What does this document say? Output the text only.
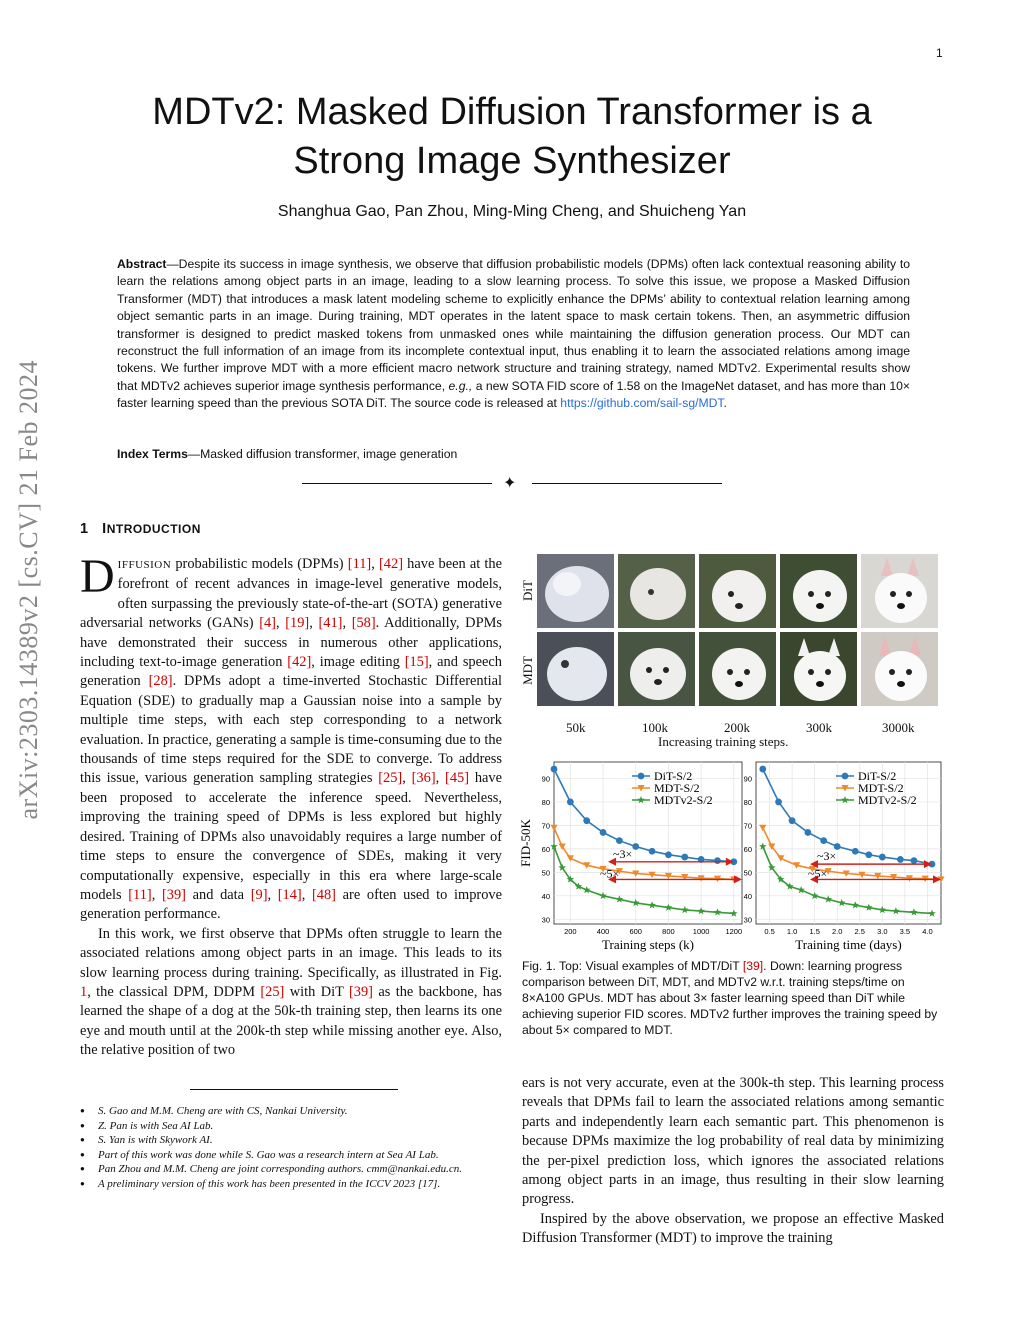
1
MDTv2: Masked Diffusion Transformer is a
Strong Image Synthesizer
Shanghua Gao, Pan Zhou, Ming-Ming Cheng, and Shuicheng Yan
Abstract—Despite its success in image synthesis, we observe that diffusion probabilistic models (DPMs) often lack contextual reasoning ability to learn the relations among object parts in an image, leading to a slow learning process. To solve this issue, we propose a Masked Diffusion Transformer (MDT) that introduces a mask latent modeling scheme to explicitly enhance the DPMs’ ability to contextual relation learning among object semantic parts in an image. During training, MDT operates in the latent space to mask certain tokens. Then, an asymmetric diffusion transformer is designed to predict masked tokens from unmasked ones while maintaining the diffusion generation process. Our MDT can reconstruct the full information of an image from its incomplete contextual input, thus enabling it to learn the associated relations among image tokens. We further improve MDT with a more efficient macro network structure and training strategy, named MDTv2. Experimental results show that MDTv2 achieves superior image synthesis performance, e.g., a new SOTA FID score of 1.58 on the ImageNet dataset, and has more than 10× faster learning speed than the previous SOTA DiT. The source code is released at https://github.com/sail-sg/MDT.
Index Terms—Masked diffusion transformer, image generation
✦
arXiv:2303.14389v2 [cs.CV] 21 Feb 2024	1 INTRODUCTION

DIFFUSION probabilistic models (DPMs) [11], [42] have been at the forefront of recent advances in image-level generative models, often surpassing the previously state-of-the-art (SOTA) generative adversarial networks (GANs) [4], [19], [41], [58]. Additionally, DPMs have demonstrated their success in numerous other applications, including text-to-image generation [42], image editing [15], and speech generation [28]. DPMs adopt a time-inverted Stochastic Differential Equation (SDE) to gradually map a Gaussian noise into a sample by multiple time steps, with each step corresponding to a network evaluation. In practice, generating a sample is time-consuming due to the thousands of time steps required for the SDE to converge. To address this issue, various generation sampling strategies [25], [36], [45] have been proposed to accelerate the inference speed. Nevertheless, improving the training speed of DPMs is less explored but highly desired. Training of DPMs also unavoidably requires a large number of time steps to ensure the convergence of SDEs, making it very computationally expensive, especially in this era where large-scale models [11], [39] and data [9], [14], [48] are often used to improve generation performance.

In this work, we first observe that DPMs often struggle to learn the associated relations among object parts in an image. This leads to its slow learning process during training. Specifically, as illustrated in Fig. 1, the classical DPM, DDPM [25] with DiT [39] as the backbone, has learned the shape of a dog at the 50k-th training step, then learns its one eye and mouth until at the 200k-th step while missing another eye. Also, the relative position of two

● S. Gao and M.M. Cheng are with CS, Nankai University.
● Z. Pan is with Sea AI Lab.
● S. Yan is with Skywork AI.
● Part of this work was done while S. Gao was a research intern at Sea AI Lab.
● Pan Zhou and M.M. Cheng are joint corresponding authors. cmm@nankai.edu.cn.
● A preliminary version of this work has been presented in the ICCV 2023 [17].
DiT
MDT
50k	100k	200k	300k	3000k
Increasing training steps.
30
40
50
60
70
80
90
200	400	600	800 1000 1200
~3×
~5×
DiT-S/2
MDT-S/2
MDTv2-S/2
Training steps (k)
FID-50K
30
40
50
60
70
80
90
0.5 1.0 1.5 2.0 2.5 3.0 3.5 4.0
~3×
~5×
DiT-S/2
MDT-S/2
MDTv2-S/2
Training time (days)
Fig. 1. Top: Visual examples of MDT/DiT [39]. Down: learning progress comparison between DiT, MDT, and MDTv2 w.r.t. training steps/time on 8×A100 GPUs. MDT has about 3× faster learning speed than DiT while achieving superior FID scores. MDTv2 further improves the training speed by about 5× compared to MDT.

ears is not very accurate, even at the 300k-th step. This learning process reveals that DPMs fail to learn the associated relations among semantic parts and independently learn each semantic part. This phenomenon is because DPMs maximize the log probability of real data by minimizing the per-pixel prediction loss, which ignores the associated relations among object parts in an image, thus resulting in their slow learning progress.

Inspired by the above observation, we propose an effective Masked Diffusion Transformer (MDT) to improve the training
